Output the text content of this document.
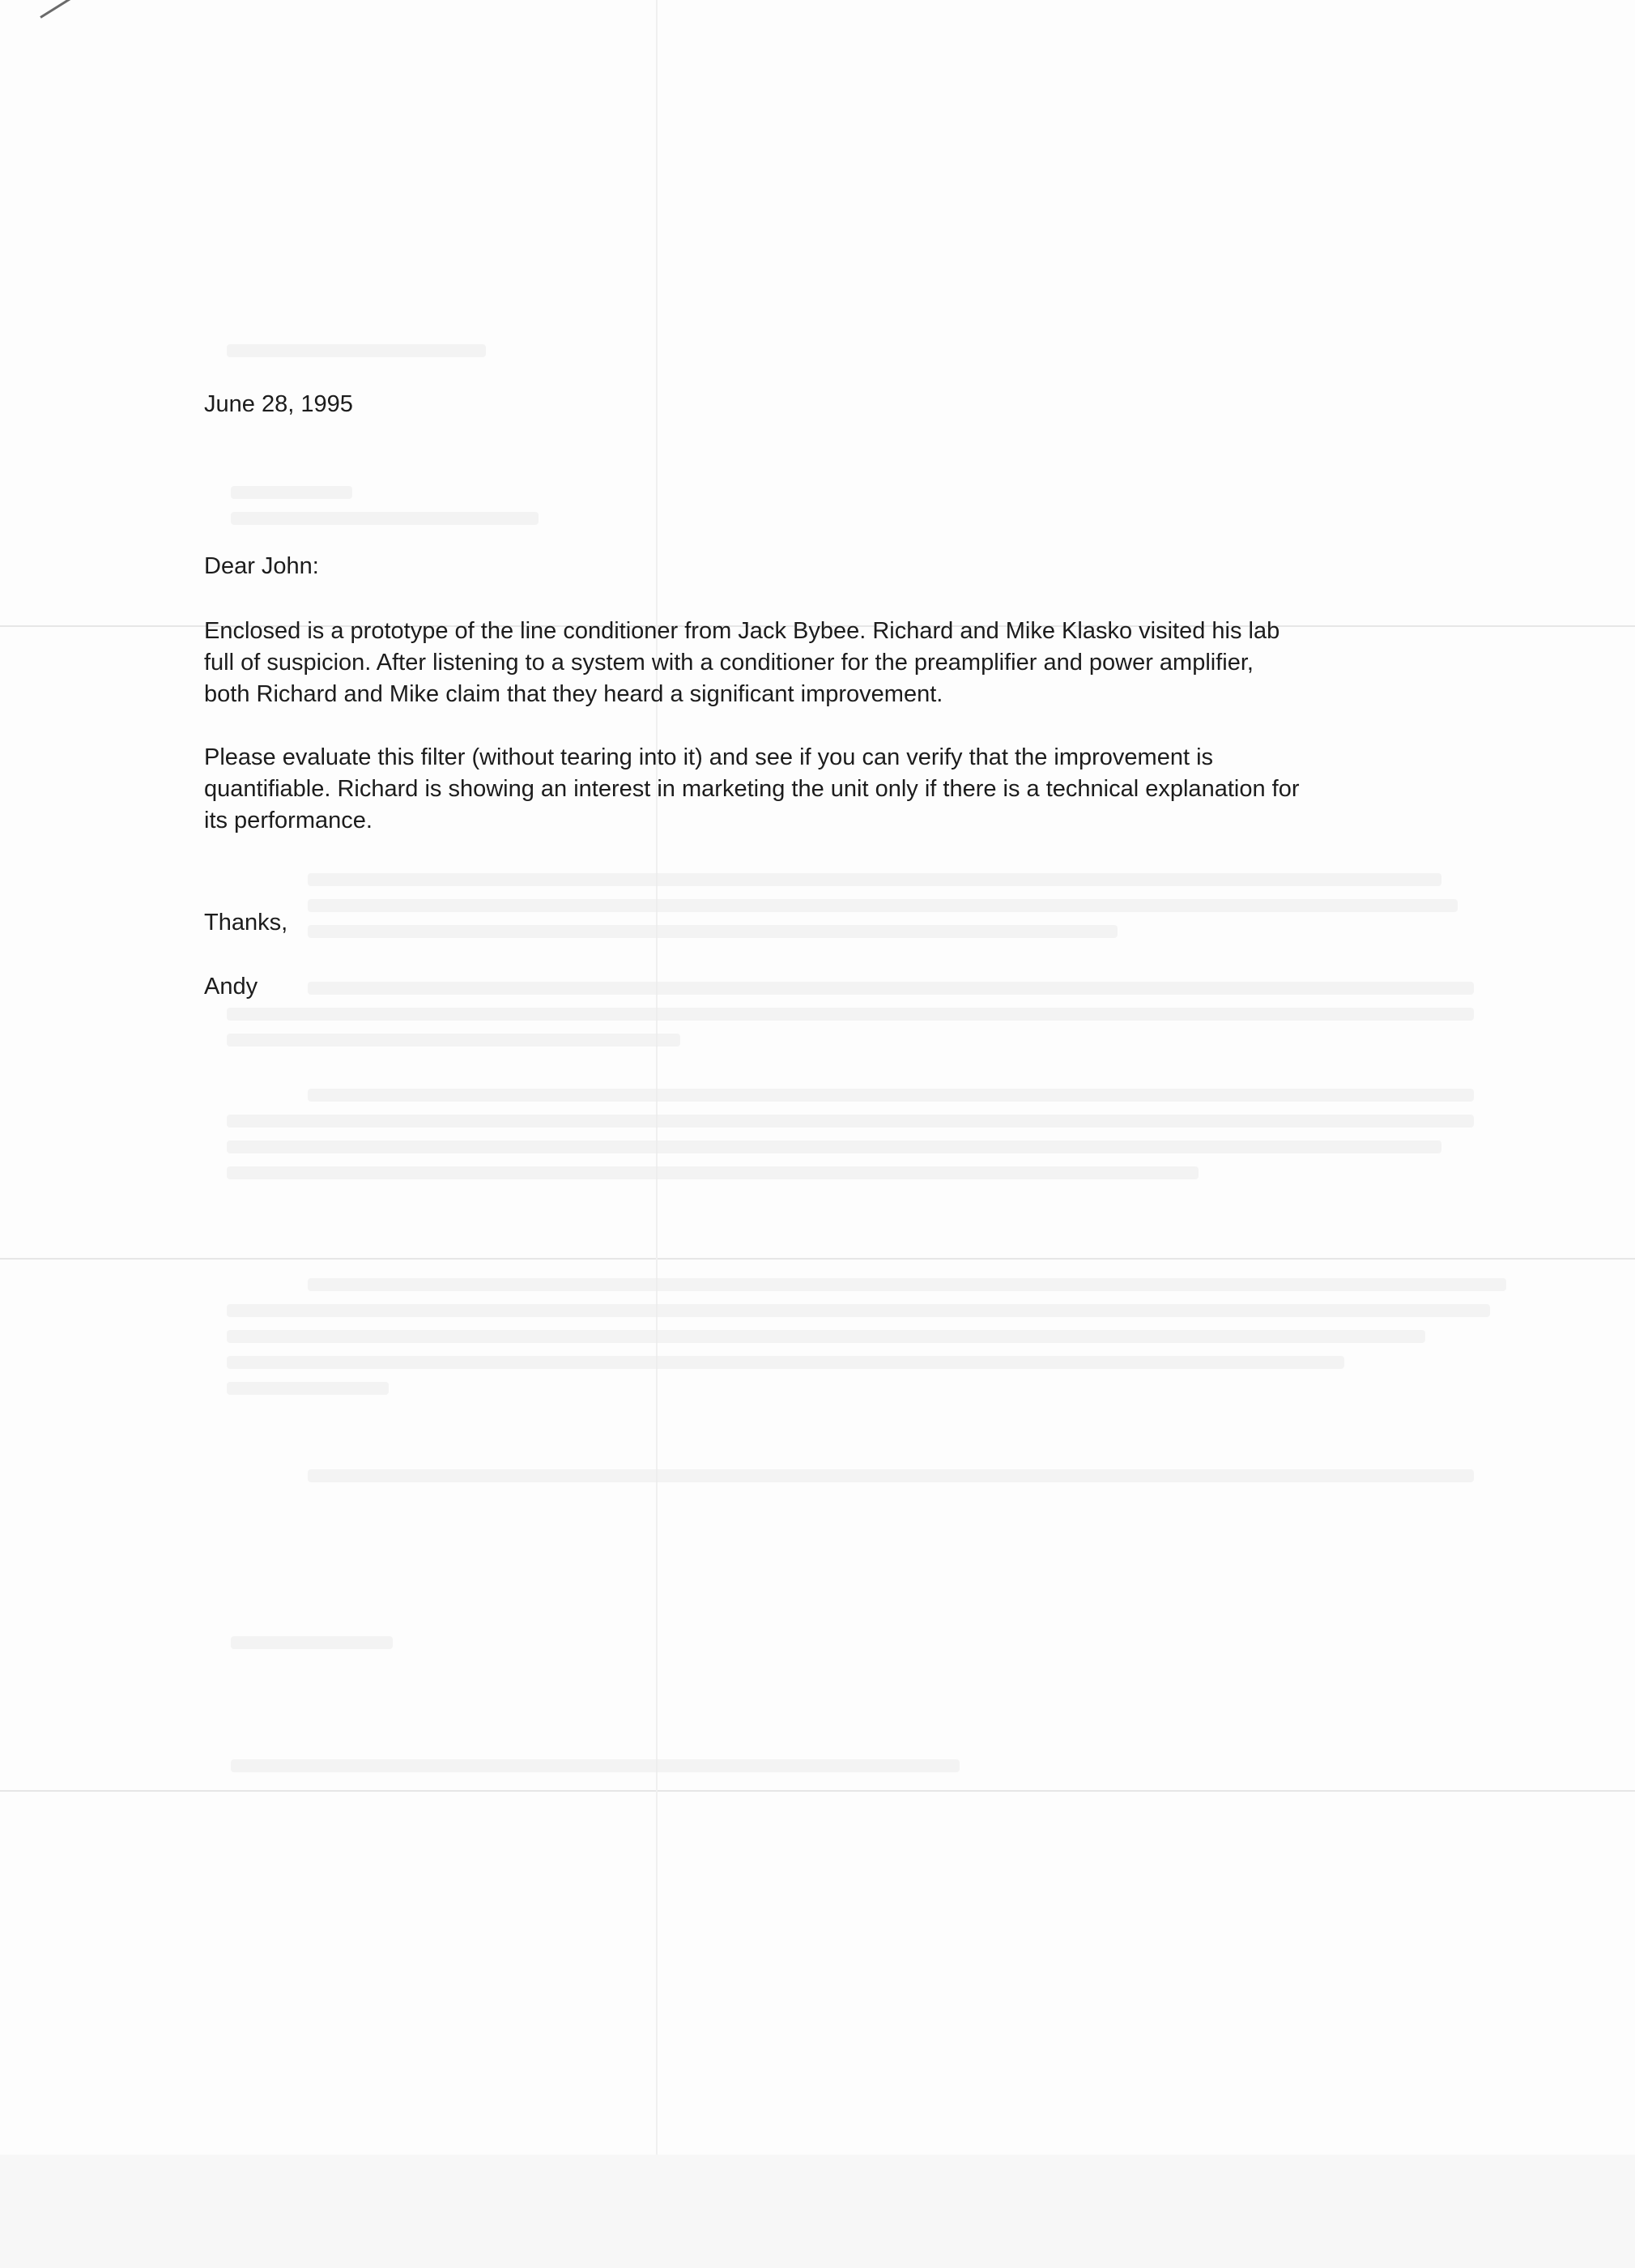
June 28, 1995
Dear John:
Enclosed is a prototype of the line conditioner from Jack Bybee. Richard and Mike Klasko visited his lab
full of suspicion. After listening to a system with a conditioner for the preamplifier and power amplifier,
both Richard and Mike claim that they heard a significant improvement.
Please evaluate this filter (without tearing into it) and see if you can verify that the improvement is
quantifiable. Richard is showing an interest in marketing the unit only if there is a technical explanation for
its performance.
Thanks,
Andy
